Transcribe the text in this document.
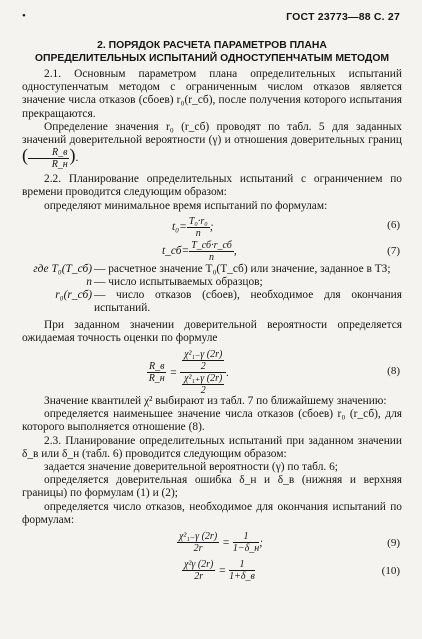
•	ГОСТ 23773—88 С. 27
2. ПОРЯДОК РАСЧЕТА ПАРАМЕТРОВ ПЛАНА
ОПРЕДЕЛИТЕЛЬНЫХ ИСПЫТАНИЙ ОДНОСТУПЕНЧАТЫМ МЕТОДОМ

2.1. Основным параметром плана определительных испытаний одноступенчатым методом с ограниченным числом отказов является значение числа отказов (сбоев) r₀(r_сб), после получения которого испытания прекращаются.

Определение значения r₀ (r_сб) проводят по табл. 5 для заданных значений доверительной вероятности (γ) и отношения доверительных границ ( $\frac{R\_в}{R\_н}$ ).

2.2. Планирование определительных испытаний с ограничением по времени проводится следующим образом:

определяют минимальное время испытаний по формулам:

$t_0= \frac{\text{T₀·r₀}}{n}$ ;	(6)
t_сб= $\frac{T\_сб\cdot r\_сб}{n}$ ,	(7)
где T₀(T_сб) — расчетное значение T₀(T_сб) или значение, заданное в ТЗ;
n — число испытываемых образцов;
r₀(r_сб) — число отказов (сбоев), необходимое для окончания испытаний.

При заданном значении доверительной вероятности определяется ожидаемая точность оценки по формуле

$\frac{R\_в}{R\_н} = \frac{\frac{\text{χ²₁₋γ (2r)}}{2}}{\frac{\text{χ²₁₊γ (2r)}}{2}}$ .	(8)

Значение квантилей χ² выбирают из табл. 7 по ближайшему значению:

определяется наименьшее значение числа отказов (сбоев) r₀ (r_сб), для которого выполняется отношение (8).

2.3. Планирование определительных испытаний при заданном значении δ_в или δ_н (табл. 6) проводится следующим образом:

задается значение доверительной вероятности (γ) по табл. 6;

определяется доверительная ошибка δ_н и δ_в (нижняя и верхняя границы) по формулам (1) и (2);

определяется число отказов, необходимое для окончания испытаний по формулам:

$\frac{\text{χ²₁₋γ (2r)}}{2r} = \frac{1}{1-\delta\_н}$ ;	(9)
$\frac{\text{χ²γ (2r)}}{2r} = \frac{1}{1+\delta\_в}$	(10)
